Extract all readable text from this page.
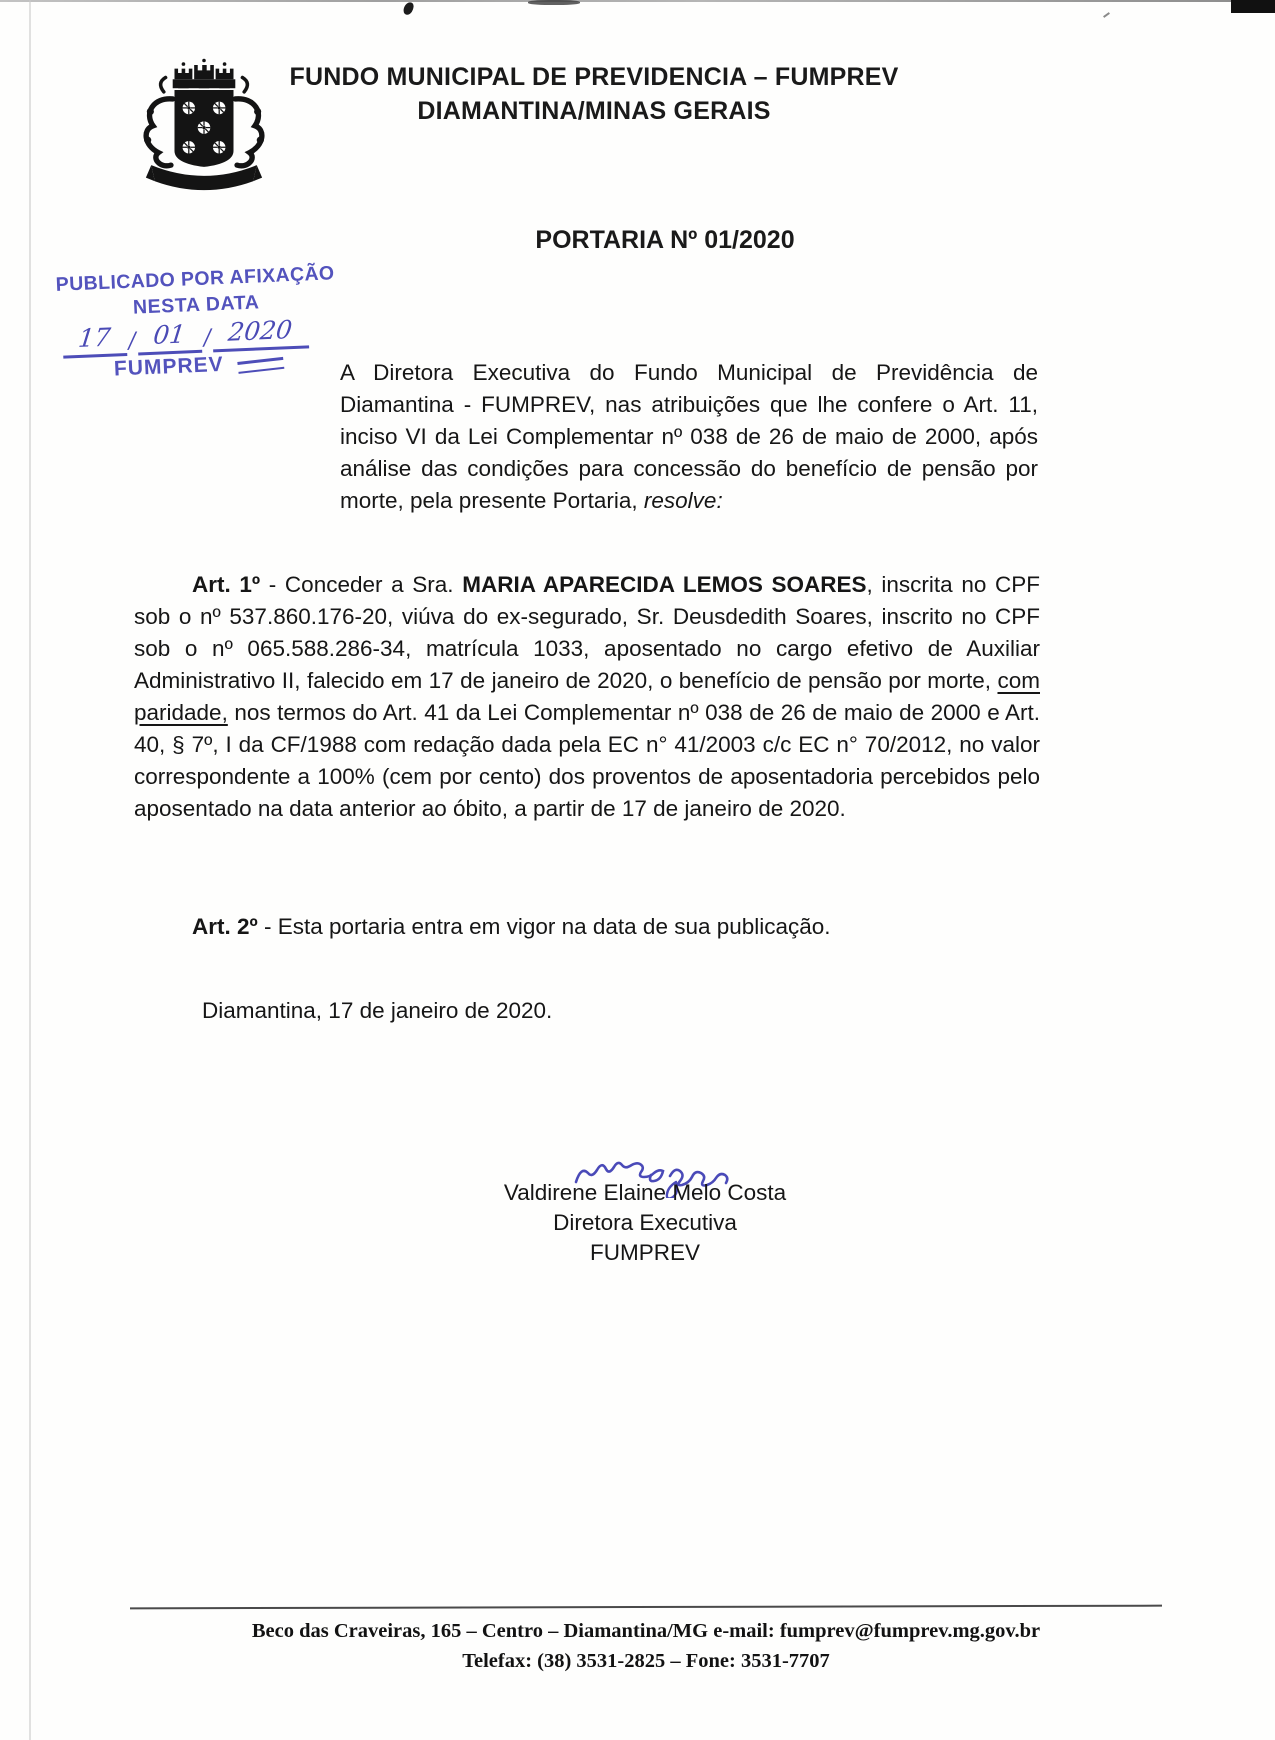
FUNDO MUNICIPAL DE PREVIDENCIA – FUMPREV
DIAMANTINA/MINAS GERAIS
PORTARIA Nº 01/2020
PUBLICADO POR AFIXAÇÃO
NESTA DATA
17 / 01 / 2020
FUMPREV	A Diretora Executiva do Fundo Municipal de Previdência de Diamantina - FUMPREV, nas atribuições que lhe confere o Art. 11, inciso VI da Lei Complementar nº 038 de 26 de maio de 2000, após análise das condições para concessão do benefício de pensão por morte, pela presente Portaria, resolve:

Art. 1º - Conceder a Sra. MARIA APARECIDA LEMOS SOARES, inscrita no CPF sob o nº 537.860.176-20, viúva do ex-segurado, Sr. Deusdedith Soares, inscrito no CPF sob o nº 065.588.286-34, matrícula 1033, aposentado no cargo efetivo de Auxiliar Administrativo II, falecido em 17 de janeiro de 2020, o benefício de pensão por morte, com paridade, nos termos do Art. 41 da Lei Complementar nº 038 de 26 de maio de 2000 e Art. 40, § 7º, I da CF/1988 com redação dada pela EC n° 41/2003 c/c EC n° 70/2012, no valor correspondente a 100% (cem por cento) dos proventos de aposentadoria percebidos pelo aposentado na data anterior ao óbito, a partir de 17 de janeiro de 2020.

Art. 2º - Esta portaria entra em vigor na data de sua publicação.

Diamantina, 17 de janeiro de 2020.

Valdirene Elaine Melo Costa
Diretora Executiva
FUMPREV
Beco das Craveiras, 165 – Centro – Diamantina/MG e-mail: fumprev@fumprev.mg.gov.br
Telefax: (38) 3531-2825 – Fone: 3531-7707
